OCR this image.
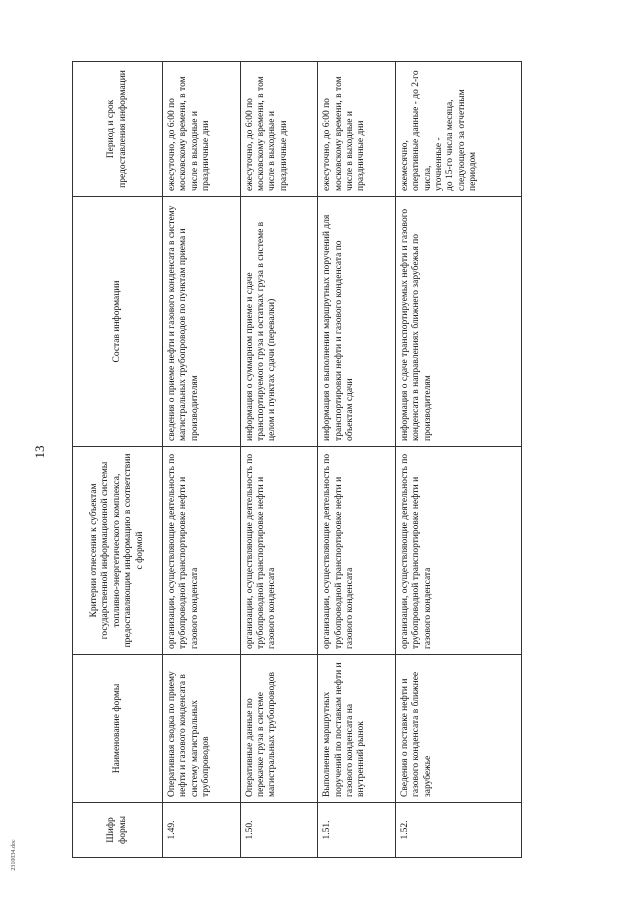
13
2310034.doc
Шифр формы	Наименование формы	Критерии отнесения к субъектам государственной информационной системы топливно-энергетического комплекса, предоставляющим информацию в соответствии с формой	Состав информации	Период и срок предоставления информации
1.49.	Оперативная сводка по приему нефти и газового конденсата в систему магистральных трубопроводов	организации, осуществляющие деятельность по трубопроводной транспортировке нефти и газового конденсата	сведения о приеме нефти и газового конденсата в систему магистральных трубопроводов по пунктам приема и производителям	ежесуточно, до 6:00 по московскому времени, в том числе в выходные и праздничные дни
1.50.	Оперативные данные по перекачке груза в системе магистральных трубопроводов	организации, осуществляющие деятельность по трубопроводной транспортировке нефти и газового конденсата	информация о суммарном приеме и сдаче транспортируемого груза и остатках груза в системе в целом и пунктах сдачи (перевалки)	ежесуточно, до 6:00 по московскому времени, в том числе в выходные и праздничные дни
1.51.	Выполнение маршрутных поручений по поставкам нефти и газового конденсата на внутренний рынок	организации, осуществляющие деятельность по трубопроводной транспортировке нефти и газового конденсата	информация о выполнении маршрутных поручений для транспортировки нефти и газового конденсата по объектам сдачи	ежесуточно, до 6:00 по московскому времени, в том числе в выходные и праздничные дни
1.52.	Сведения о поставке нефти и газового конденсата в ближнее зарубежье	организации, осуществляющие деятельность по трубопроводной транспортировке нефти и газового конденсата	информация о сдаче транспортируемых нефти и газового конденсата в направлениях ближнего зарубежья по производителям	ежемесячно,
оперативные данные - до 2-го числа,
уточненные -
до 15-го числа месяца, следующего за отчетным периодом
